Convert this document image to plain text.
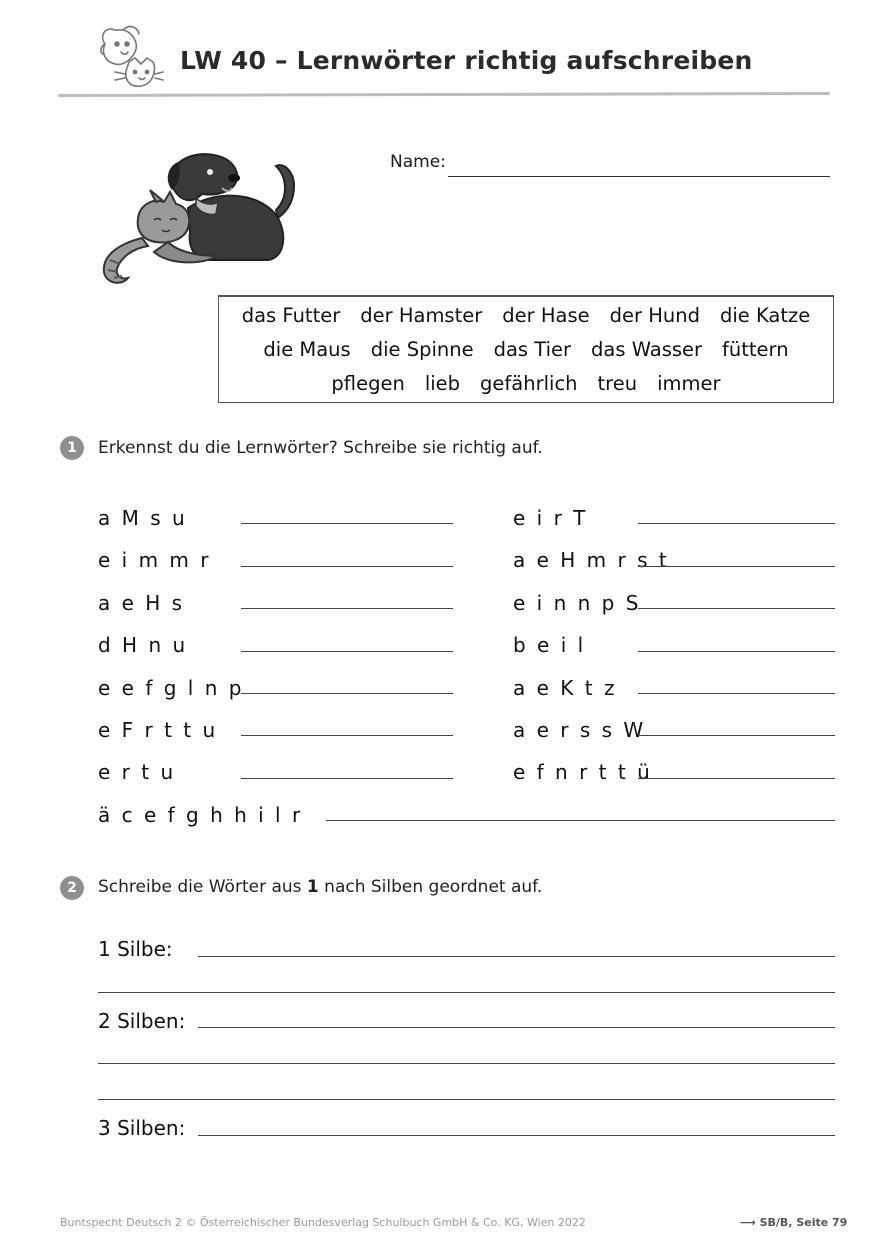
LW 40 – Lernwörter richtig aufschreiben
Name:
das Futter der Hamster der Hase der Hund die Katze
die Maus die Spinne das Tier das Wasser füttern
pflegen lieb gefährlich treu immer
1	Erkennst du die Lernwörter? Schreibe sie richtig auf.
a M s u
e i m m r
a e H s
d H n u
e e f g l n p
e F r t t u
e r t u
e i r T
a e H m r s t
e i n n p S
b e i l
a e K t z
a e r s s W
e f n r t t ü
ä c e f g h h i l r
2	Schreibe die Wörter aus 1 nach Silben geordnet auf.
1 Silbe:
2 Silben:
3 Silben:
Buntspecht Deutsch 2 © Österreichischer Bundesverlag Schulbuch GmbH & Co. KG, Wien 2022	⟶ SB/B, Seite 79
